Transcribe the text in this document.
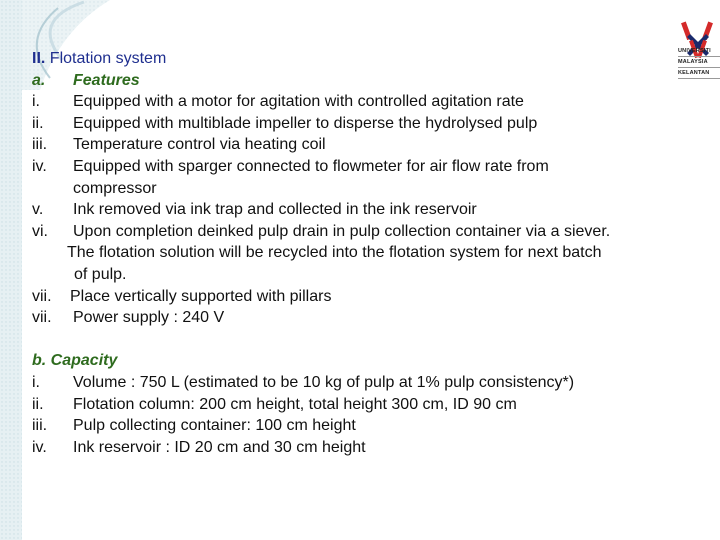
UNIVERSITI
MALAYSIA
KELANTAN
II. Flotation system
a. Features
i. Equipped with a motor for agitation with controlled agitation rate
ii. Equipped with multiblade impeller to disperse the hydrolysed pulp
iii. Temperature control via heating coil
iv. Equipped with sparger connected to flowmeter for air flow rate from
compressor
v. Ink removed via ink trap and collected in the ink reservoir
vi. Upon completion deinked pulp drain in pulp collection container via a siever.
The flotation solution will be recycled into the flotation system for next batch
of pulp.
vii. Place vertically supported with pillars
vii. Power supply : 240 V
b. Capacity
i. Volume : 750 L (estimated to be 10 kg of pulp at 1% pulp consistency*)
ii. Flotation column: 200 cm height, total height 300 cm, ID 90 cm
iii. Pulp collecting container: 100 cm height
iv. Ink reservoir : ID 20 cm and 30 cm height
